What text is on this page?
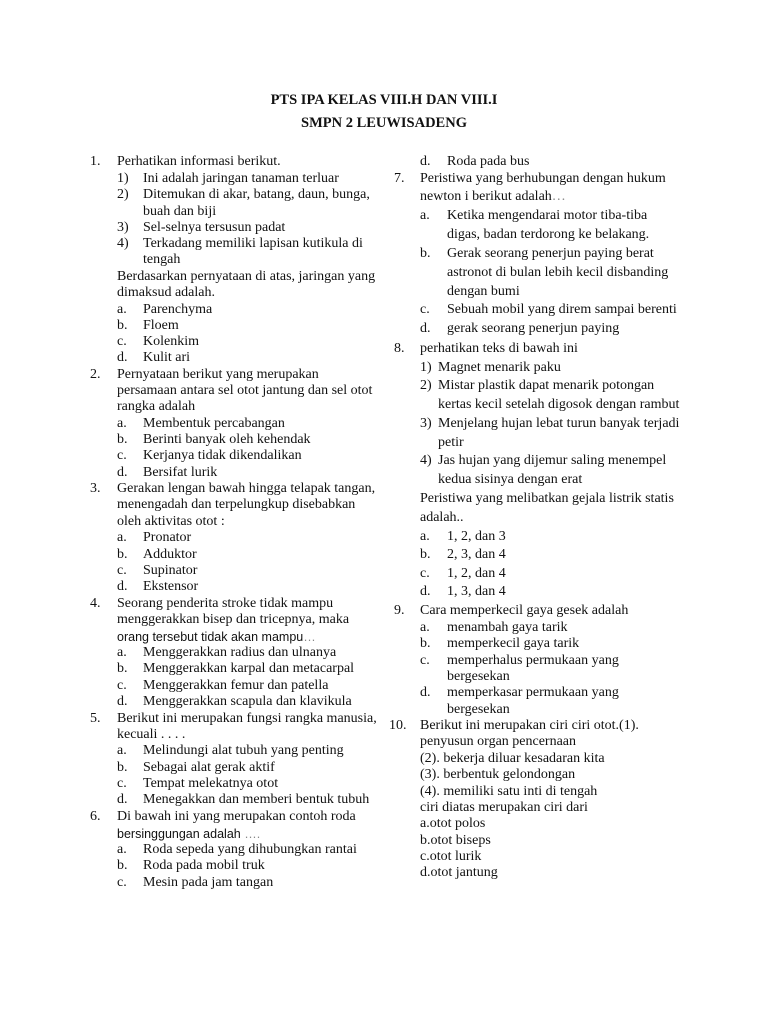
PTS IPA KELAS VIII.H DAN VIII.I
SMPN 2 LEUWISADENG
1. Perhatikan informasi berikut.
1) Ini adalah jaringan tanaman terluar
2) Ditemukan di akar, batang, daun, bunga,
buah dan biji
3) Sel-selnya tersusun padat
4) Terkadang memiliki lapisan kutikula di
tengah
Berdasarkan pernyataan di atas, jaringan yang
dimaksud adalah.
a. Parenchyma
b. Floem
c. Kolenkim
d. Kulit ari
2. Pernyataan berikut yang merupakan
persamaan antara sel otot jantung dan sel otot
rangka adalah
a. Membentuk percabangan
b. Berinti banyak oleh kehendak
c. Kerjanya tidak dikendalikan
d. Bersifat lurik
3. Gerakan lengan bawah hingga telapak tangan,
menengadah dan terpelungkup disebabkan
oleh aktivitas otot :
a. Pronator
b. Adduktor
c. Supinator
d. Ekstensor
4. Seorang penderita stroke tidak mampu
menggerakkan bisep dan tricepnya, maka
orang tersebut tidak akan mampu…
a. Menggerakkan radius dan ulnanya
b. Menggerakkan karpal dan metacarpal
c. Menggerakkan femur dan patella
d. Menggerakkan scapula dan klavikula
5. Berikut ini merupakan fungsi rangka manusia,
kecuali . . . .
a. Melindungi alat tubuh yang penting
b. Sebagai alat gerak aktif
c. Tempat melekatnya otot
d. Menegakkan dan memberi bentuk tubuh
6. Di bawah ini yang merupakan contoh roda
bersinggungan adalah ….
a. Roda sepeda yang dihubungkan rantai
b. Roda pada mobil truk
c. Mesin pada jam tangan
d. Roda pada bus
7. Peristiwa yang berhubungan dengan hukum
newton i berikut adalah…
a. Ketika mengendarai motor tiba-tiba
digas, badan terdorong ke belakang.
b. Gerak seorang penerjun paying berat
astronot di bulan lebih kecil disbanding
dengan bumi
c. Sebuah mobil yang direm sampai berenti
d. gerak seorang penerjun paying
8. perhatikan teks di bawah ini
1) Magnet menarik paku
2) Mistar plastik dapat menarik potongan
kertas kecil setelah digosok dengan rambut
3) Menjelang hujan lebat turun banyak terjadi
petir
4) Jas hujan yang dijemur saling menempel
kedua sisinya dengan erat
Peristiwa yang melibatkan gejala listrik statis
adalah..
a. 1, 2, dan 3
b. 2, 3, dan 4
c. 1, 2, dan 4
d. 1, 3, dan 4
9. Cara memperkecil gaya gesek adalah
a. menambah gaya tarik
b. memperkecil gaya tarik
c. memperhalus permukaan yang
bergesekan
d. memperkasar permukaan yang
bergesekan
10. Berikut ini merupakan ciri ciri otot.(1).
penyusun organ pencernaan
(2). bekerja diluar kesadaran kita
(3). berbentuk gelondongan
(4). memiliki satu inti di tengah
ciri diatas merupakan ciri dari
a.otot polos
b.otot biseps
c.otot lurik
d.otot jantung
